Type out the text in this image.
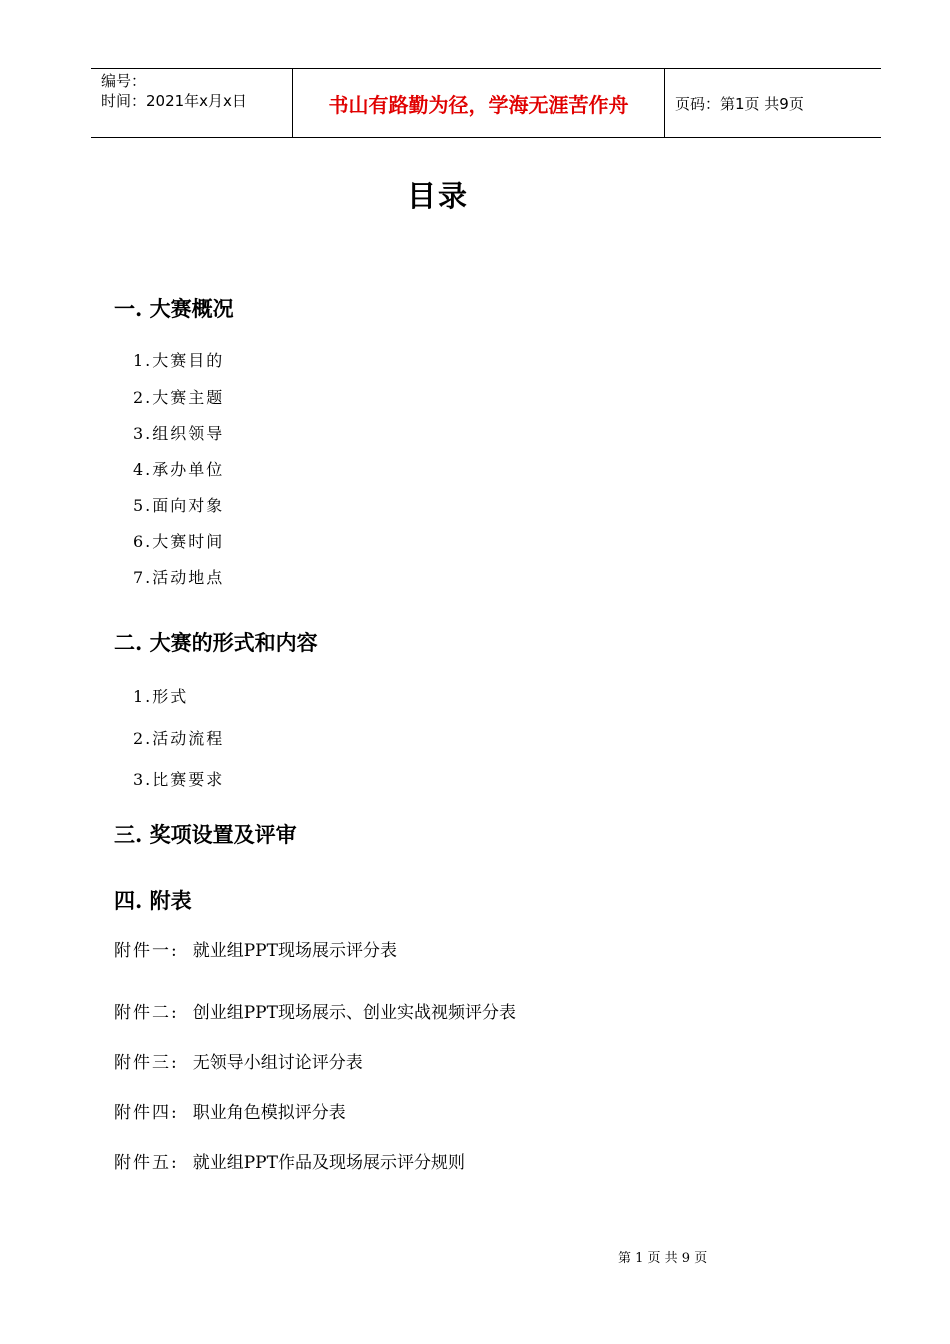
编号：
时间：2021年x月x日	书山有路勤为径，学海无涯苦作舟	页码：第1页 共9页
目录
一. 大赛概况
1.大赛目的
2.大赛主题
3.组织领导
4.承办单位
5.面向对象
6.大赛时间
7.活动地点
二. 大赛的形式和内容
1.形式
2.活动流程
3.比赛要求
三. 奖项设置及评审
四. 附表
附件一: 就业组PPT现场展示评分表
附件二: 创业组PPT现场展示、创业实战视频评分表
附件三: 无领导小组讨论评分表
附件四: 职业角色模拟评分表
附件五: 就业组PPT作品及现场展示评分规则
第 1 页 共 9 页
